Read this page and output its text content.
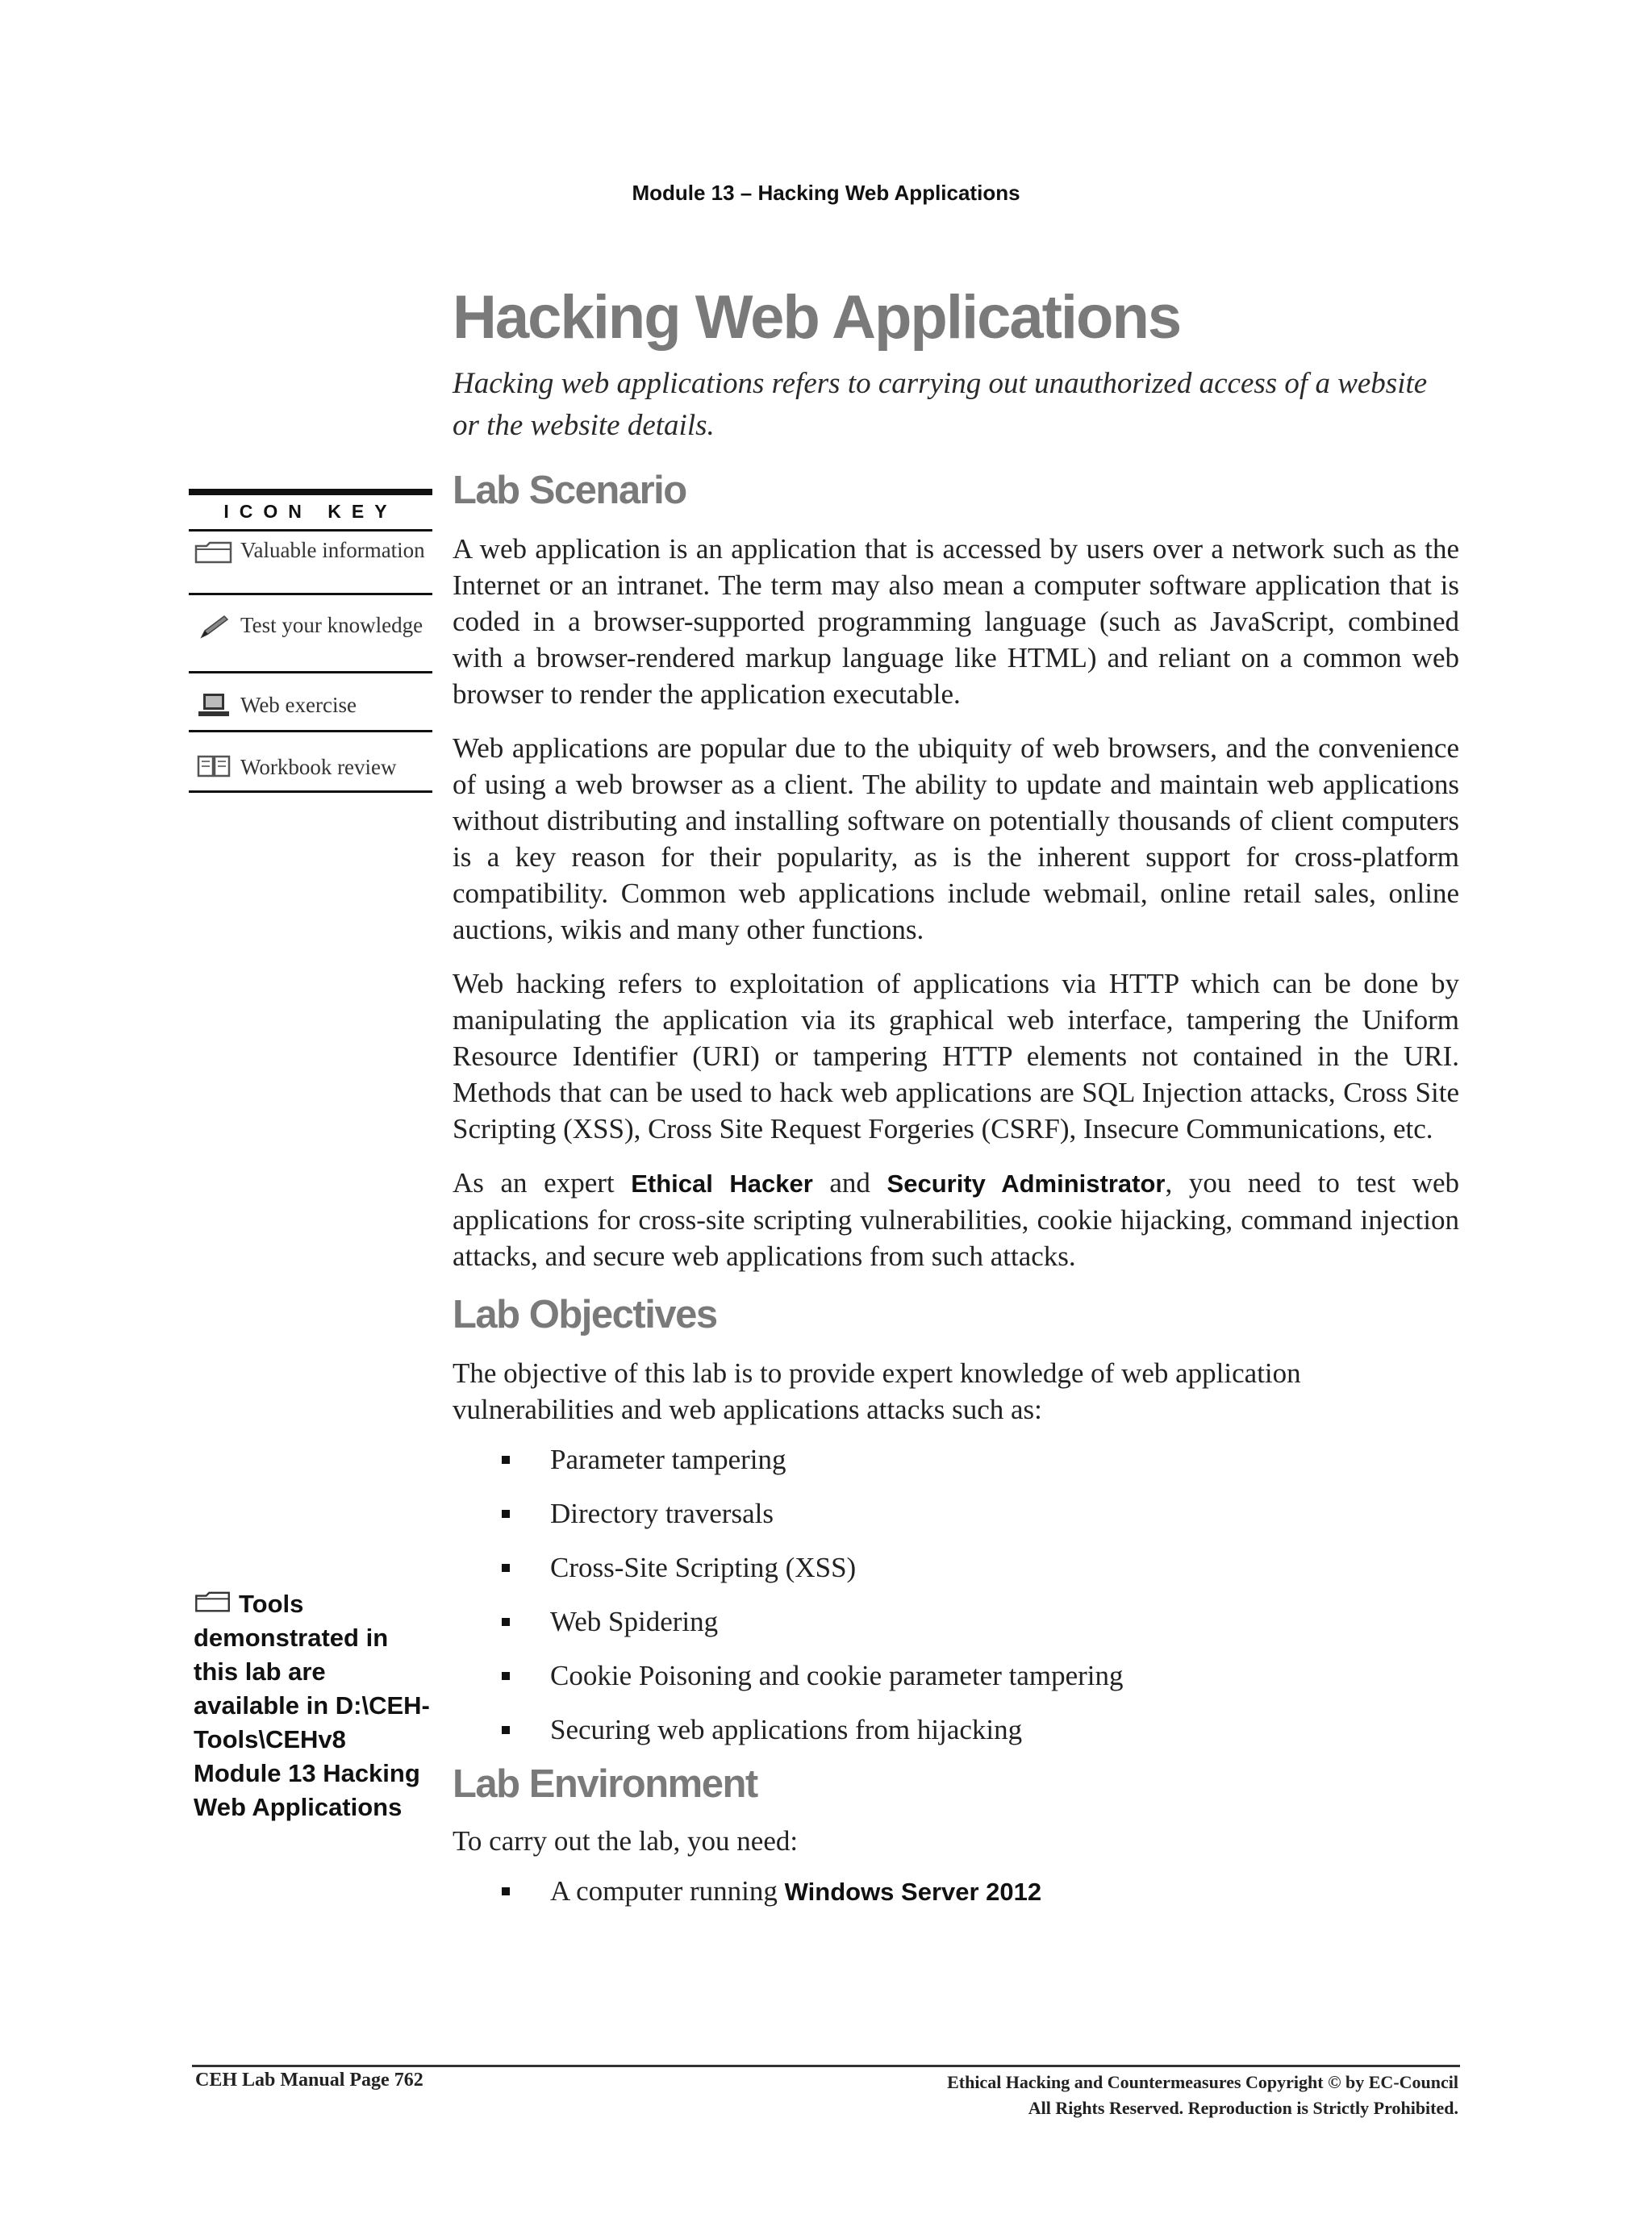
Module 13 – Hacking Web Applications
ICON KEY
Valuable information
Test your knowledge
Web exercise
Workbook review
Tools demonstrated in this lab are available in D:\CEH-Tools\CEHv8 Module 13 Hacking Web Applications
Hacking Web Applications

Hacking web applications refers to carrying out unauthorized access of a website or the website details.

Lab Scenario

A web application is an application that is accessed by users over a network such as the Internet or an intranet. The term may also mean a computer software application that is coded in a browser-supported programming language (such as JavaScript, combined with a browser-rendered markup language like HTML) and reliant on a common web browser to render the application executable.

Web applications are popular due to the ubiquity of web browsers, and the convenience of using a web browser as a client. The ability to update and maintain web applications without distributing and installing software on potentially thousands of client computers is a key reason for their popularity, as is the inherent support for cross-platform compatibility. Common web applications include webmail, online retail sales, online auctions, wikis and many other functions.

Web hacking refers to exploitation of applications via HTTP which can be done by manipulating the application via its graphical web interface, tampering the Uniform Resource Identifier (URI) or tampering HTTP elements not contained in the URI. Methods that can be used to hack web applications are SQL Injection attacks, Cross Site Scripting (XSS), Cross Site Request Forgeries (CSRF), Insecure Communications, etc.

As an expert Ethical Hacker and Security Administrator, you need to test web applications for cross-site scripting vulnerabilities, cookie hijacking, command injection attacks, and secure web applications from such attacks.

Lab Objectives

The objective of this lab is to provide expert knowledge of web application vulnerabilities and web applications attacks such as:

Parameter tampering
Directory traversals
Cross-Site Scripting (XSS)
Web Spidering
Cookie Poisoning and cookie parameter tampering
Securing web applications from hijacking
Lab Environment

To carry out the lab, you need:

A computer running Windows Server 2012
CEH Lab Manual Page 762	Ethical Hacking and Countermeasures Copyright © by EC-Council
All Rights Reserved. Reproduction is Strictly Prohibited.
